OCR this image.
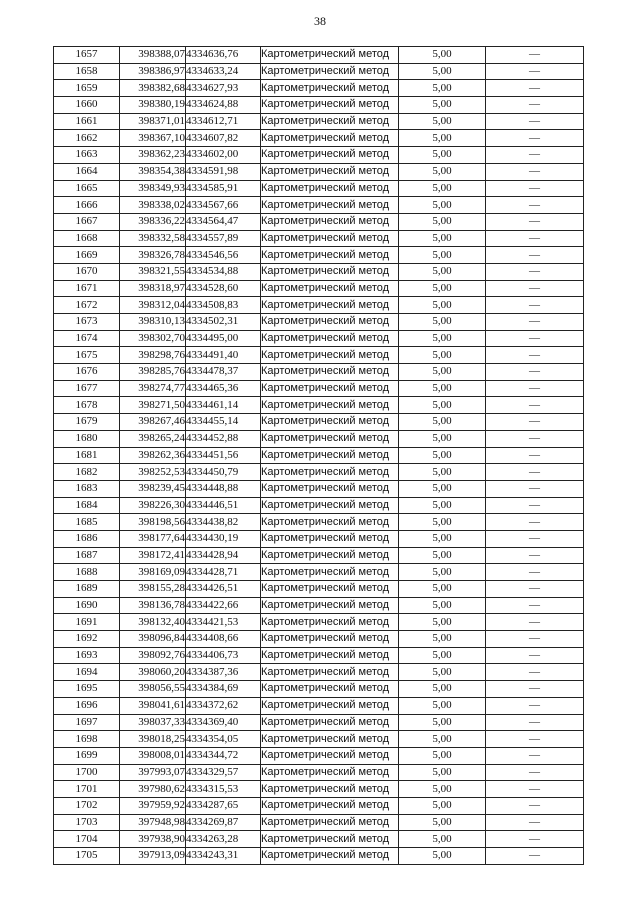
38
1657	398388,07	4334636,76	Картометрический метод	5,00	—
1658	398386,97	4334633,24	Картометрический метод	5,00	—
1659	398382,68	4334627,93	Картометрический метод	5,00	—
1660	398380,19	4334624,88	Картометрический метод	5,00	—
1661	398371,01	4334612,71	Картометрический метод	5,00	—
1662	398367,10	4334607,82	Картометрический метод	5,00	—
1663	398362,23	4334602,00	Картометрический метод	5,00	—
1664	398354,38	4334591,98	Картометрический метод	5,00	—
1665	398349,93	4334585,91	Картометрический метод	5,00	—
1666	398338,02	4334567,66	Картометрический метод	5,00	—
1667	398336,22	4334564,47	Картометрический метод	5,00	—
1668	398332,58	4334557,89	Картометрический метод	5,00	—
1669	398326,78	4334546,56	Картометрический метод	5,00	—
1670	398321,55	4334534,88	Картометрический метод	5,00	—
1671	398318,97	4334528,60	Картометрический метод	5,00	—
1672	398312,04	4334508,83	Картометрический метод	5,00	—
1673	398310,13	4334502,31	Картометрический метод	5,00	—
1674	398302,70	4334495,00	Картометрический метод	5,00	—
1675	398298,76	4334491,40	Картометрический метод	5,00	—
1676	398285,76	4334478,37	Картометрический метод	5,00	—
1677	398274,77	4334465,36	Картометрический метод	5,00	—
1678	398271,50	4334461,14	Картометрический метод	5,00	—
1679	398267,46	4334455,14	Картометрический метод	5,00	—
1680	398265,24	4334452,88	Картометрический метод	5,00	—
1681	398262,36	4334451,56	Картометрический метод	5,00	—
1682	398252,53	4334450,79	Картометрический метод	5,00	—
1683	398239,45	4334448,88	Картометрический метод	5,00	—
1684	398226,30	4334446,51	Картометрический метод	5,00	—
1685	398198,56	4334438,82	Картометрический метод	5,00	—
1686	398177,64	4334430,19	Картометрический метод	5,00	—
1687	398172,41	4334428,94	Картометрический метод	5,00	—
1688	398169,09	4334428,71	Картометрический метод	5,00	—
1689	398155,28	4334426,51	Картометрический метод	5,00	—
1690	398136,78	4334422,66	Картометрический метод	5,00	—
1691	398132,40	4334421,53	Картометрический метод	5,00	—
1692	398096,84	4334408,66	Картометрический метод	5,00	—
1693	398092,76	4334406,73	Картометрический метод	5,00	—
1694	398060,20	4334387,36	Картометрический метод	5,00	—
1695	398056,55	4334384,69	Картометрический метод	5,00	—
1696	398041,61	4334372,62	Картометрический метод	5,00	—
1697	398037,33	4334369,40	Картометрический метод	5,00	—
1698	398018,25	4334354,05	Картометрический метод	5,00	—
1699	398008,01	4334344,72	Картометрический метод	5,00	—
1700	397993,07	4334329,57	Картометрический метод	5,00	—
1701	397980,62	4334315,53	Картометрический метод	5,00	—
1702	397959,92	4334287,65	Картометрический метод	5,00	—
1703	397948,98	4334269,87	Картометрический метод	5,00	—
1704	397938,90	4334263,28	Картометрический метод	5,00	—
1705	397913,09	4334243,31	Картометрический метод	5,00	—
